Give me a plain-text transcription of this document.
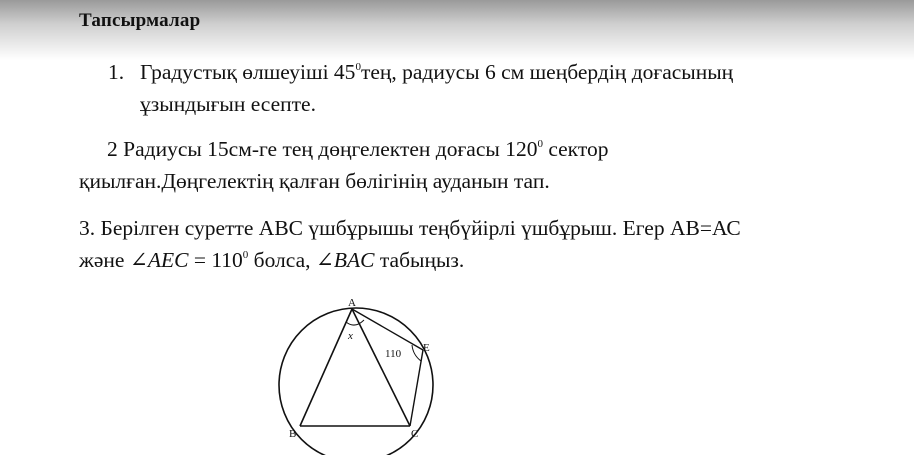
Тапсырмалар
1. Градустық өлшеуіші $45^0тең$, радиусы 6 см шеңбердің доғасының
ұзындығын есепте.
2 Радиусы 15см-ге тең дөңгелектен доғасы $120^0$ сектор
қиылған.Дөңгелектің қалған бөлігінің ауданын тап.
3. Берілген суретте АВС үшбұрышы теңбүйірлі үшбұрыш. Егер АВ=АС
және ∠AEC = $110^0$ болса, ∠BAC табыңыз.
A
x
110 E
B	C
